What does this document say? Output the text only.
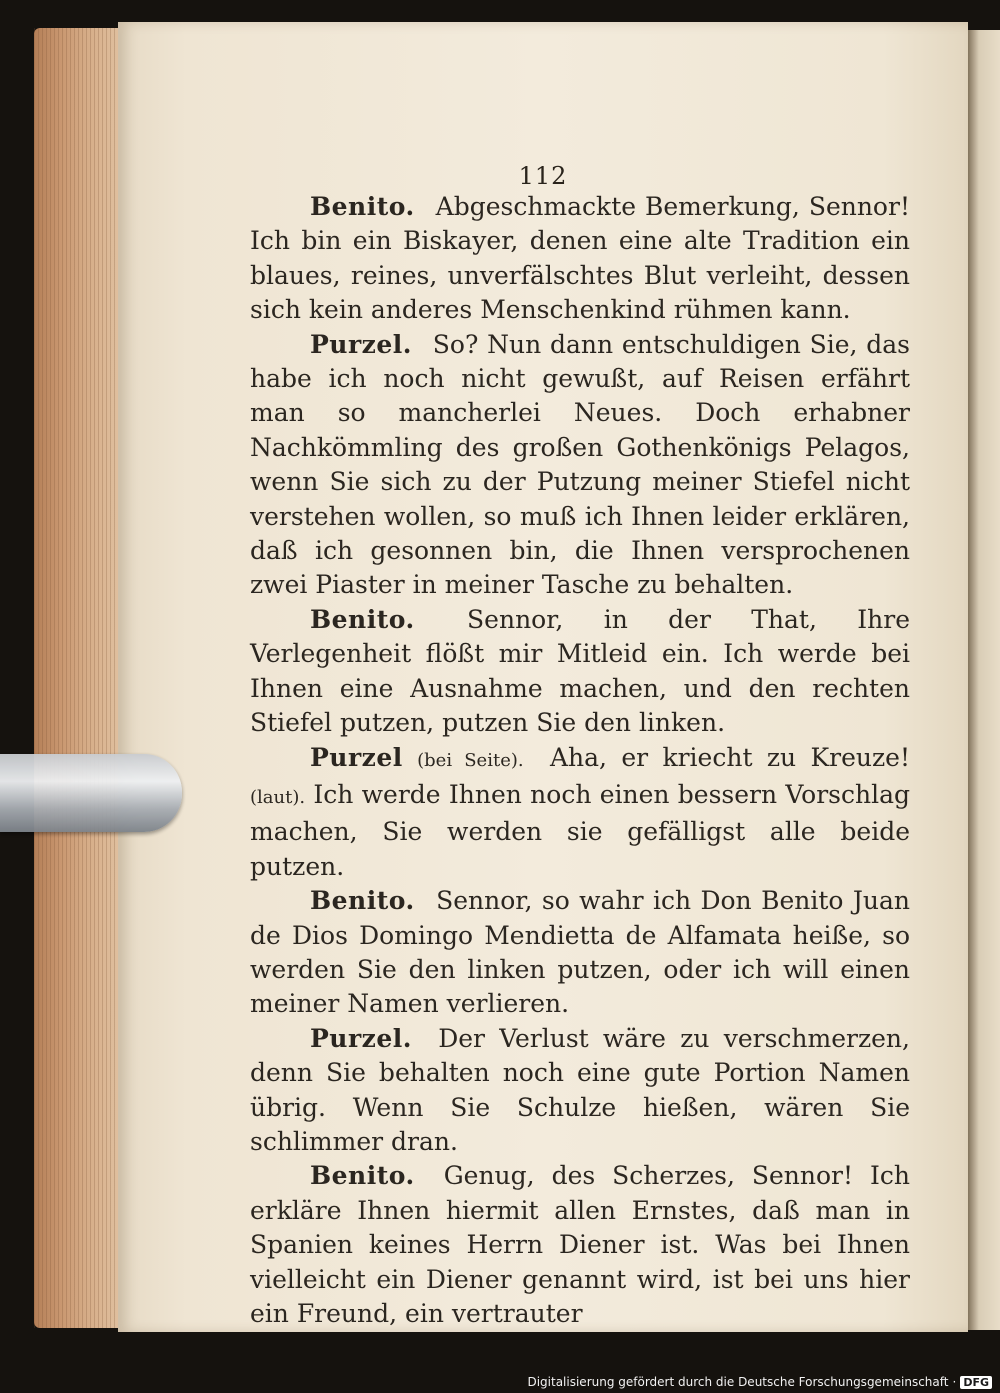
112

Benito. Abgeschmackte Bemerkung, Sennor! Ich bin ein Biskayer, denen eine alte Tradition ein blaues, reines, unverfälschtes Blut verleiht, dessen sich kein anderes Menschenkind rühmen kann.

Purzel. So? Nun dann entschuldigen Sie, das habe ich noch nicht gewußt, auf Reisen erfährt man so mancherlei Neues. Doch erhabner Nachkömmling des großen Gothenkönigs Pelagos, wenn Sie sich zu der Putzung meiner Stiefel nicht verstehen wollen, so muß ich Ihnen leider erklären, daß ich gesonnen bin, die Ihnen versprochenen zwei Piaster in meiner Tasche zu behalten.

Benito. Sennor, in der That, Ihre Verlegenheit flößt mir Mitleid ein. Ich werde bei Ihnen eine Ausnahme machen, und den rechten Stiefel putzen, putzen Sie den linken.

Purzel (bei Seite). Aha, er kriecht zu Kreuze! (laut). Ich werde Ihnen noch einen bessern Vorschlag machen, Sie werden sie gefälligst alle beide putzen.

Benito. Sennor, so wahr ich Don Benito Juan de Dios Domingo Mendietta de Alfamata heiße, so werden Sie den linken putzen, oder ich will einen meiner Namen verlieren.

Purzel. Der Verlust wäre zu verschmerzen, denn Sie behalten noch eine gute Portion Namen übrig. Wenn Sie Schulze hießen, wären Sie schlimmer dran.

Benito. Genug, des Scherzes, Sennor! Ich erkläre Ihnen hiermit allen Ernstes, daß man in Spanien keines Herrn Diener ist. Was bei Ihnen vielleicht ein Diener genannt wird, ist bei uns hier ein Freund, ein vertrauter

Digitalisierung gefördert durch die Deutsche Forschungsgemeinschaft · DFG
